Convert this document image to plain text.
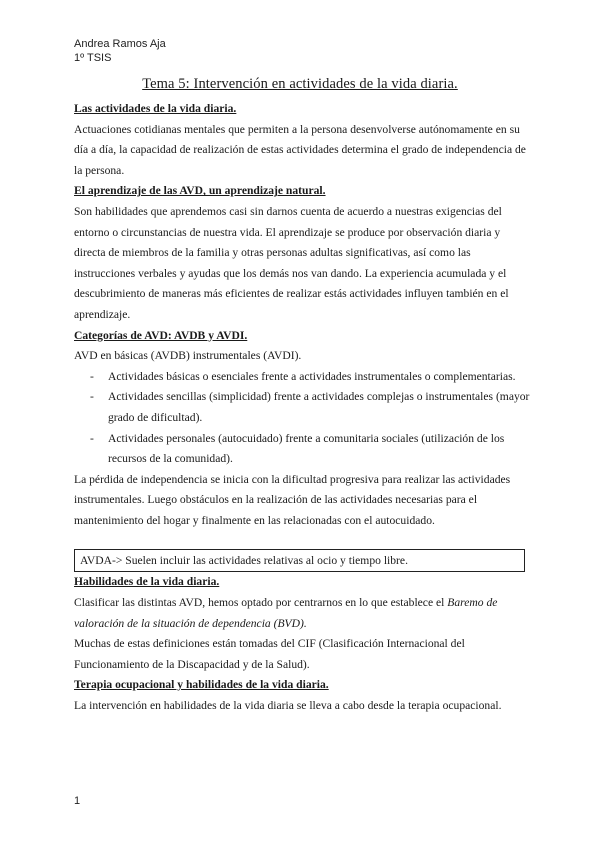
Andrea Ramos Aja
1º TSIS
Tema 5: Intervención en actividades de la vida diaria.

Las actividades de la vida diaria.

Actuaciones cotidianas mentales que permiten a la persona desenvolverse autónomamente en su día a día, la capacidad de realización de estas actividades determina el grado de independencia de la persona.

El aprendizaje de las AVD, un aprendizaje natural.

Son habilidades que aprendemos casi sin darnos cuenta de acuerdo a nuestras exigencias del entorno o circunstancias de nuestra vida. El aprendizaje se produce por observación diaria y directa de miembros de la familia y otras personas adultas significativas, así como las instrucciones verbales y ayudas que los demás nos van dando. La experiencia acumulada y el descubrimiento de maneras más eficientes de realizar estás actividades influyen también en el aprendizaje.

Categorías de AVD: AVDB y AVDI.

AVD en básicas (AVDB) instrumentales (AVDI).

- Actividades básicas o esenciales frente a actividades instrumentales o complementarias.
- Actividades sencillas (simplicidad) frente a actividades complejas o instrumentales (mayor grado de dificultad).
- Actividades personales (autocuidado) frente a comunitaria sociales (utilización de los recursos de la comunidad).

La pérdida de independencia se inicia con la dificultad progresiva para realizar las actividades instrumentales. Luego obstáculos en la realización de las actividades necesarias para el mantenimiento del hogar y finalmente en las relacionadas con el autocuidado.

AVDA-> Suelen incluir las actividades relativas al ocio y tiempo libre.

Habilidades de la vida diaria.

Clasificar las distintas AVD, hemos optado por centrarnos en lo que establece el Baremo de valoración de la situación de dependencia (BVD).

Muchas de estas definiciones están tomadas del CIF (Clasificación Internacional del Funcionamiento de la Discapacidad y de la Salud).

Terapia ocupacional y habilidades de la vida diaria.

La intervención en habilidades de la vida diaria se lleva a cabo desde la terapia ocupacional.

1
